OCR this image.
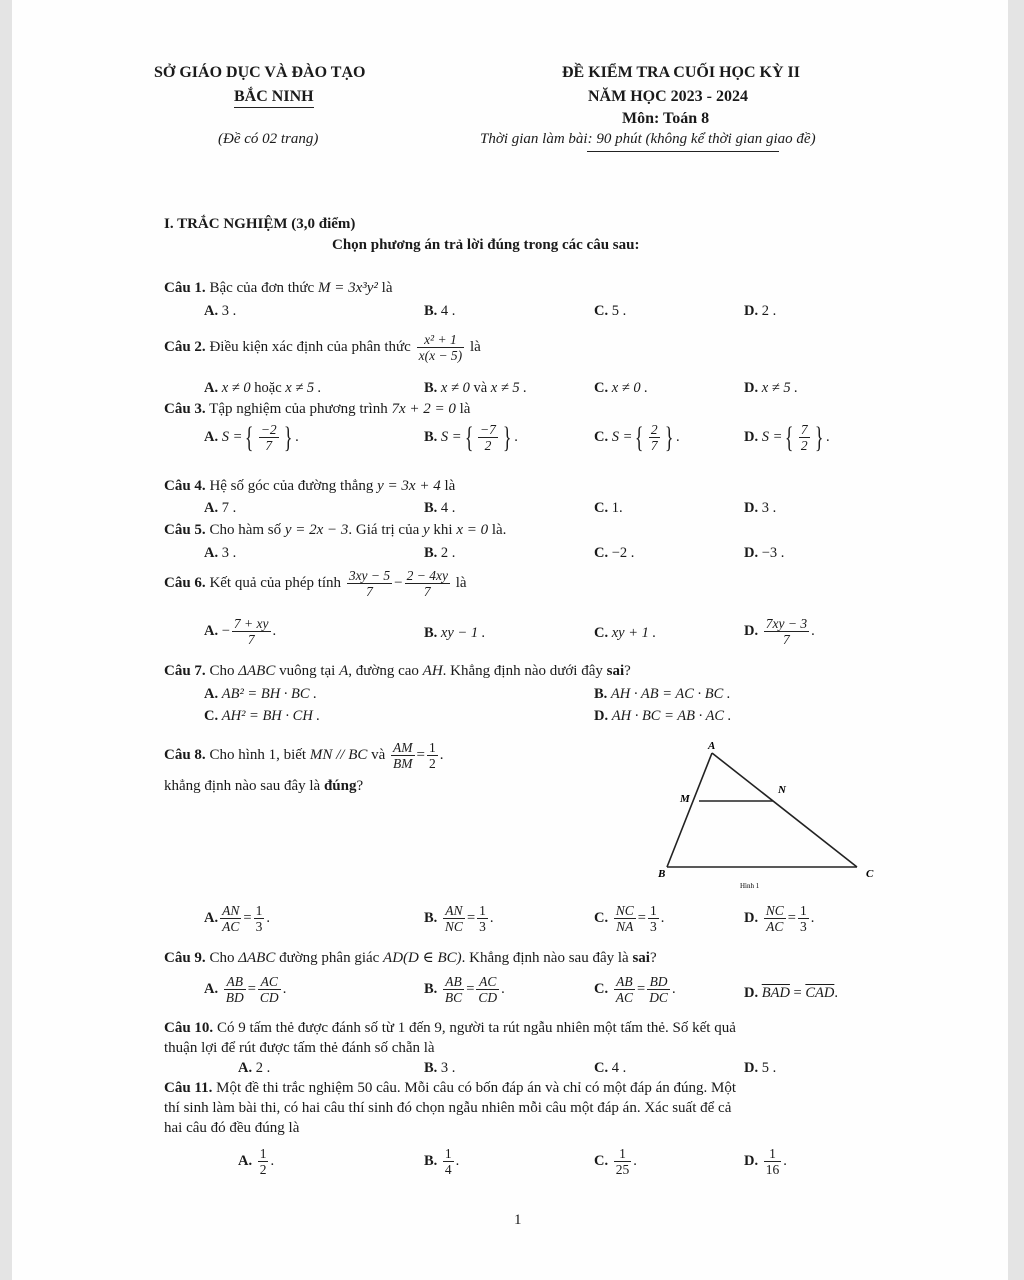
SỞ GIÁO DỤC VÀ ĐÀO TẠO
BẮC NINH
ĐỀ KIỂM TRA CUỐI HỌC KỲ II
NĂM HỌC 2023 - 2024
Môn: Toán 8
(Đề có 02 trang)	Thời gian làm bài: 90 phút (không kể thời gian giao đề)
I. TRẮC NGHIỆM (3,0 điểm)
Chọn phương án trả lời đúng trong các câu sau:
Câu 1. Bậc của đơn thức M = 3x³y² là
A. 3 .	B. 4 .	C. 5 .	D. 2 .
Câu 2. Điều kiện xác định của phân thức $\frac{\text{x² + 1}}{x(x - 5)}$ là
A. x ≠ 0 hoặc x ≠ 5 .	B. x ≠ 0 và x ≠ 5 .	C. x ≠ 0 .	D. x ≠ 5 .
Câu 3. Tập nghiệm của phương trình 7x + 2 = 0 là
A. S ={ $\frac{-2}{7}$ } .	B. S ={ $\frac{-7}{2}$ } .	C. S ={ $\frac{2}{7}$ } .	D. S ={ $\frac{7}{2}$ } .
Câu 4. Hệ số góc của đường thẳng y = 3x + 4 là
A. 7 .	B. 4 .	C. 1.	D. 3 .
Câu 5. Cho hàm số y = 2x − 3. Giá trị của y khi x = 0 là.
A. 3 .	B. 2 .	C. −2 .	D. −3 .
Câu 6. Kết quả của phép tính $\frac{3xy - 5}{7} - \frac{2 - 4xy}{7}$ là
A. − $\frac{7 + xy}{7}$ .	B. xy − 1 .	C. xy + 1 .	D. $\frac{7xy - 3}{7}$ .
Câu 7. Cho ΔABC vuông tại A, đường cao AH. Khẳng định nào dưới đây sai?
A. AB² = BH · BC .	B. AH · AB = AC · BC .
C. AH² = BH · CH .	D. AH · BC = AB · AC .
Câu 8. Cho hình 1, biết MN // BC và $\frac{AM}{BM} = \frac{1}{2}$ .
khẳng định nào sau đây là đúng?
A
M
N
B	C
Hình 1
A. $\frac{AN}{AC} = \frac{1}{3}$ .	B. $\frac{AN}{NC} = \frac{1}{3}$ .	C. $\frac{NC}{NA} = \frac{1}{3}$ .	D. $\frac{NC}{AC} = \frac{1}{3}$ .
Câu 9. Cho ΔABC đường phân giác AD(D ∈ BC). Khẳng định nào sau đây là sai?
A. $\frac{AB}{BD} = \frac{AC}{CD}$ .	B. $\frac{AB}{BC} = \frac{AC}{CD}$ .	C. $\frac{AB}{AC} = \frac{BD}{DC}$ .	D. $\overline{BAD} = \overline{CAD}$.
Câu 10. Có 9 tấm thẻ được đánh số từ 1 đến 9, người ta rút ngẫu nhiên một tấm thẻ. Số kết quả
thuận lợi để rút được tấm thẻ đánh số chẵn là
A. 2 .	B. 3 .	C. 4 .	D. 5 .
Câu 11. Một đề thi trắc nghiệm 50 câu. Mỗi câu có bốn đáp án và chỉ có một đáp án đúng. Một
thí sinh làm bài thi, có hai câu thí sinh đó chọn ngẫu nhiên mỗi câu một đáp án. Xác suất để cả
hai câu đó đều đúng là
A. $\frac{1}{2}$ .	B. $\frac{1}{4}$ .	C. $\frac{1}{25}$ .	D. $\frac{1}{16}$ .
1
